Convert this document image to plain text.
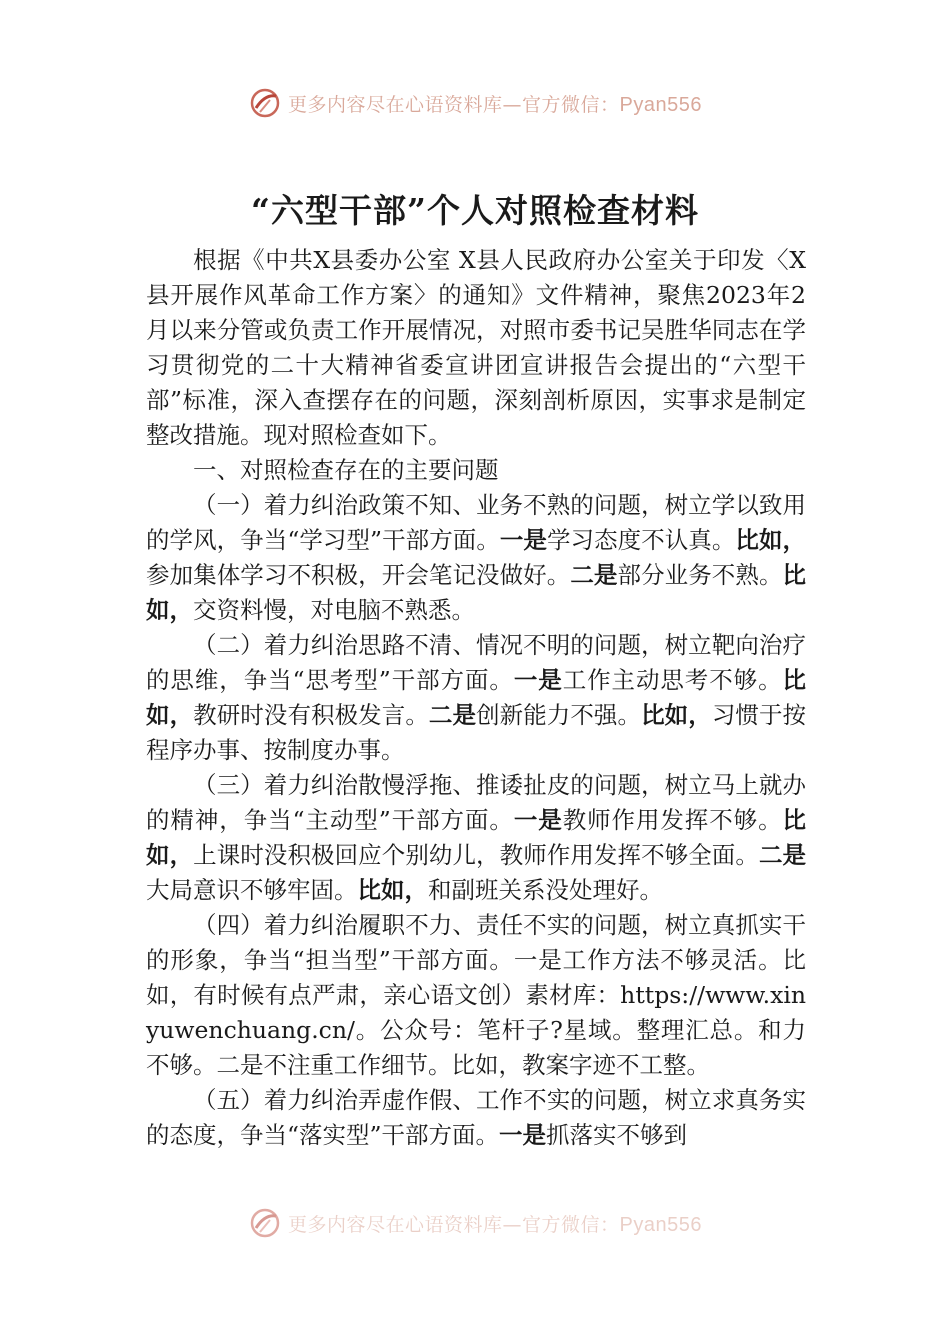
更多内容尽在心语资料库—官方微信：Pyan556
“六型干部”个人对照检查材料

根据《中共X县委办公室 X县人民政府办公室关于印发〈X县开展作风革命工作方案〉的通知》文件精神，聚焦2023年2月以来分管或负责工作开展情况，对照市委书记吴胜华同志在学习贯彻党的二十大精神省委宣讲团宣讲报告会提出的“六型干部”标准，深入查摆存在的问题，深刻剖析原因，实事求是制定整改措施。现对照检查如下。

一、对照检查存在的主要问题

（一）着力纠治政策不知、业务不熟的问题，树立学以致用的学风，争当“学习型”干部方面。一是学习态度不认真。比如，参加集体学习不积极，开会笔记没做好。二是部分业务不熟。比如，交资料慢，对电脑不熟悉。

（二）着力纠治思路不清、情况不明的问题，树立靶向治疗的思维，争当“思考型”干部方面。一是工作主动思考不够。比如，教研时没有积极发言。二是创新能力不强。比如，习惯于按程序办事、按制度办事。

（三）着力纠治散慢浮拖、推诿扯皮的问题，树立马上就办的精神，争当“主动型”干部方面。一是教师作用发挥不够。比如，上课时没积极回应个别幼儿，教师作用发挥不够全面。二是大局意识不够牢固。比如，和副班关系没处理好。

（四）着力纠治履职不力、责任不实的问题，树立真抓实干的形象，争当“担当型”干部方面。一是工作方法不够灵活。比如，有时候有点严肃，亲心语文创）素材库：https://www.xinyuwenchuang.cn/。公众号：笔杆子?星域。整理汇总。和力不够。二是不注重工作细节。比如，教案字迹不工整。

（五）着力纠治弄虚作假、工作不实的问题，树立求真务实的态度，争当“落实型”干部方面。一是抓落实不够到

更多内容尽在心语资料库—官方微信：Pyan556
